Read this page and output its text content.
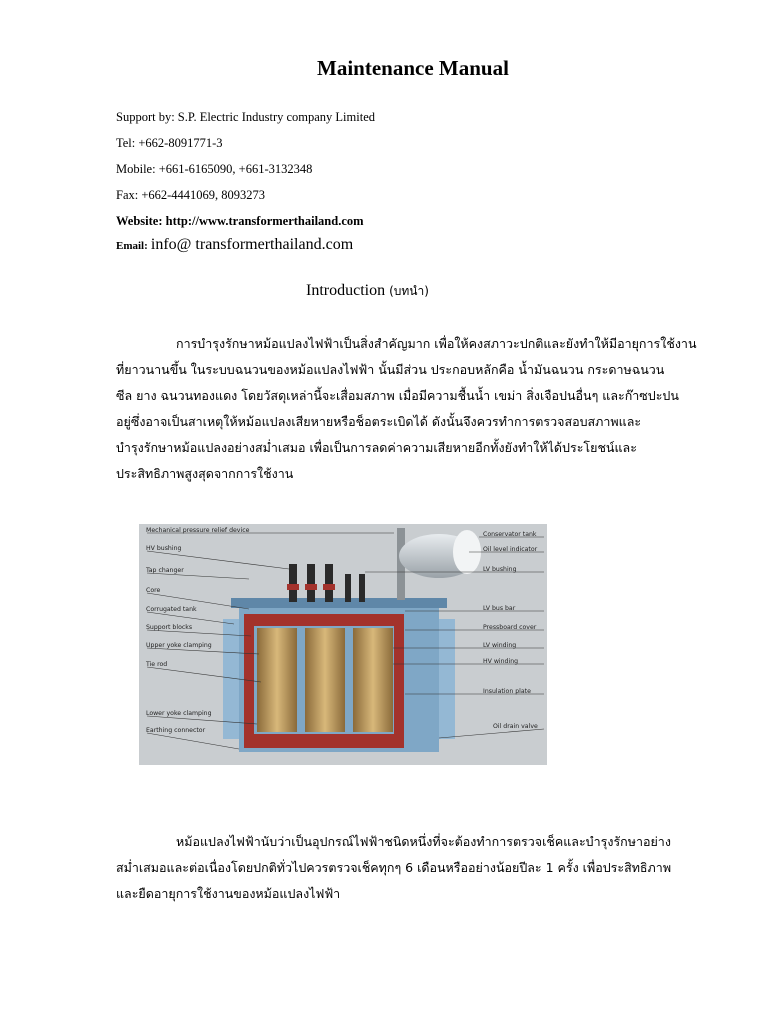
Maintenance Manual
Support by: S.P. Electric Industry company Limited
Tel: +662-8091771-3
Mobile: +661-6165090, +661-3132348
Fax: +662-4441069, 8093273
Website: http://www.transformerthailand.com
Email: info@ transformerthailand.com
Introduction (บทนำ)
การบำรุงรักษาหม้อแปลงไฟฟ้าเป็นสิ่งสำคัญมาก เพื่อให้คงสภาวะปกติและยังทำให้มีอายุการใช้งาน
ที่ยาวนานขึ้น ในระบบฉนวนของหม้อแปลงไฟฟ้า นั้นมีส่วน ประกอบหลักคือ น้ำมันฉนวน กระดาษฉนวน
ซีล ยาง ฉนวนทองแดง โดยวัสดุเหล่านี้จะเสื่อมสภาพ เมื่อมีความชื้นน้ำ เขม่า สิ่งเจือปนอื่นๆ และก๊าซปะปน
อยู่ซึ่งอาจเป็นสาเหตุให้หม้อแปลงเสียหายหรือช็อตระเบิดได้ ดังนั้นจึงควรทำการตรวจสอบสภาพและ
บำรุงรักษาหม้อแปลงอย่างสม่ำเสมอ เพื่อเป็นการลดค่าความเสียหายอีกทั้งยังทำให้ได้ประโยชน์และ
ประสิทธิภาพสูงสุดจากการใช้งาน
Mechanical pressure relief device
HV bushing
Tap changer
Core
Corrugated tank
Support blocks
Upper yoke clamping
Tie rod
Lower yoke clamping
Earthing connector
Conservator tank
Oil level indicator
LV bushing
LV bus bar
Pressboard cover
LV winding
HV winding
Insulation plate
Oil drain valve
หม้อแปลงไฟฟ้านับว่าเป็นอุปกรณ์ไฟฟ้าชนิดหนึ่งที่จะต้องทำการตรวจเช็คและบำรุงรักษาอย่าง
สม่ำเสมอและต่อเนื่องโดยปกติทั่วไปควรตรวจเช็คทุกๆ 6 เดือนหรืออย่างน้อยปีละ 1 ครั้ง เพื่อประสิทธิภาพ
และยืดอายุการใช้งานของหม้อแปลงไฟฟ้า
